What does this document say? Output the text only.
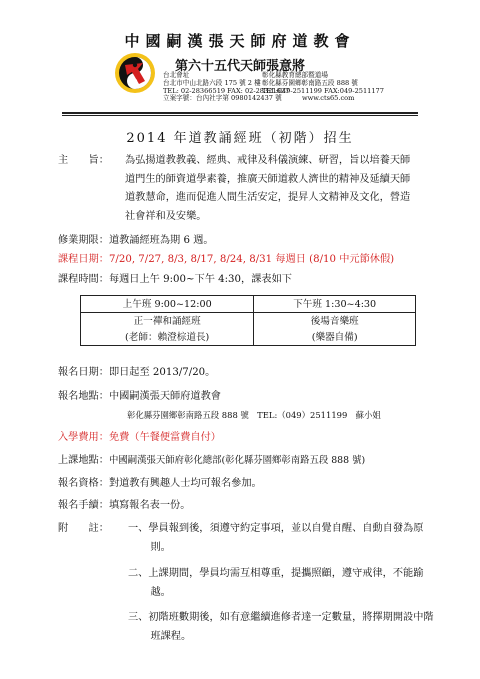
中國嗣漢張天師府道教會
第六十五代天師張意將
台北會址
台北市中山北路六段 175 號 2 樓
TEL: 02-28366519 FAX: 02-28321627
立案字號：台內社字第 0980142437 號
彰化縣教育總部暨道場
彰化縣芬園鄉彰南路五段 888 號
TEL:049-2511199 FAX:049-2511177
www.cts65.com
2014 年道教誦經班（初階）招生
主　　旨： 為弘揚道教教義、經典、戒律及科儀演練、研習，旨以培養天師道門生的師資道學素養，推廣天師道救人濟世的精神及延續天師道教慧命，進而促進人間生活安定，提昇人文精神及文化，營造社會祥和及安樂。
修業期限：道教誦經班為期 6 週。
課程日期：7/20, 7/27, 8/3, 8/17, 8/24, 8/31 每週日 (8/10 中元節休假)
課程時間：每週日上午 9:00~下午 4:30，課表如下
上午班 9:00~12:00	下午班 1:30~4:30
正一禪和誦經班	後場音樂班
(老師：賴澄棕道長)	(樂器自備)
報名日期：即日起至 2013/7/20。
報名地點：中國嗣漢張天師府道教會
彰化縣芬園鄉彰南路五段 888 號　TEL:（049）2511199　蘇小姐
入學費用：免費（午餐便當費自付）
上課地點：中國嗣漢張天師府彰化總部(彰化縣芬園鄉彰南路五段 888 號)
報名資格：對道教有興趣人士均可報名參加。
報名手續：填寫報名表一份。
附　　註： 一、學員報到後，須遵守約定事項，並以自覺自醒、自動自發為原則。
二、上課期間，學員均需互相尊重，提攜照顧，遵守戒律，不能踰越。
三、初階班數期後，如有意繼續進修者達一定數量，將擇期開設中階班課程。
